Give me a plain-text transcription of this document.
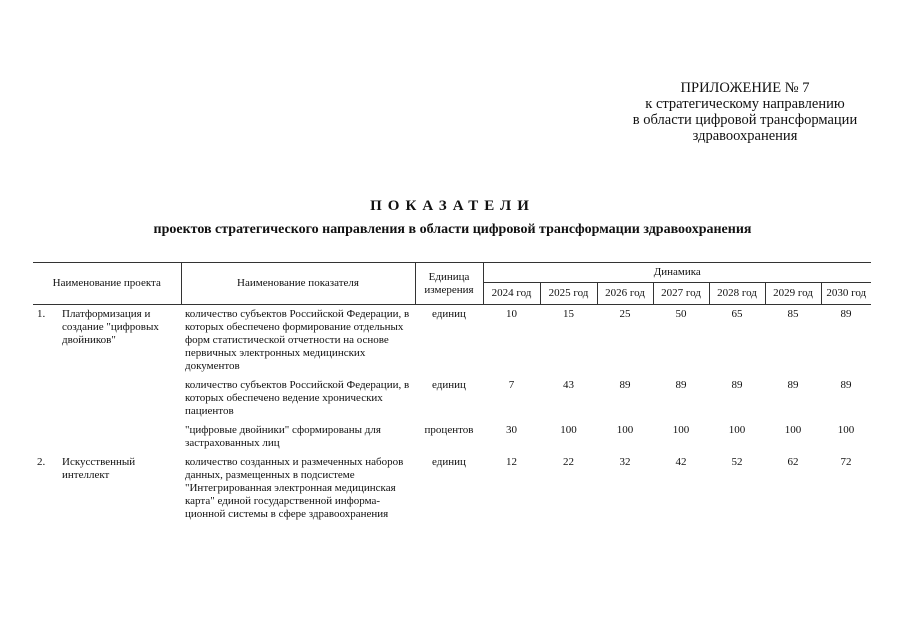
ПРИЛОЖЕНИЕ № 7
к стратегическому направлению
в области цифровой трансформации
здравоохранения
ПОКАЗАТЕЛИ
проектов стратегического направления в области цифровой трансформации здравоохранения
Наименование проекта		Наименование показателя	Единица измерения	Динамика						
				2024 год	2025 год	2026 год	2027 год	2028 год	2029 год	2030 год
1.	Платформизация и создание "цифровых двойников"	количество субъектов Российской Федерации, в которых обеспечено формирование отдельных форм статистической отчетности на основе первичных электронных медицинских документов	единиц	10	15	25	50	65	85	89
		количество субъектов Российской Федерации, в которых обеспечено ведение хронических пациентов	единиц	7	43	89	89	89	89	89
		"цифровые двойники" сформированы для застрахованных лиц	процентов	30	100	100	100	100	100	100
2.	Искусственный интеллект	количество созданных и размеченных наборов данных, размещенных в подсистеме "Интегрированная электронная медицинская карта" единой государственной информа-ционной системы в сфере здравоохранения	единиц	12	22	32	42	52	62	72
